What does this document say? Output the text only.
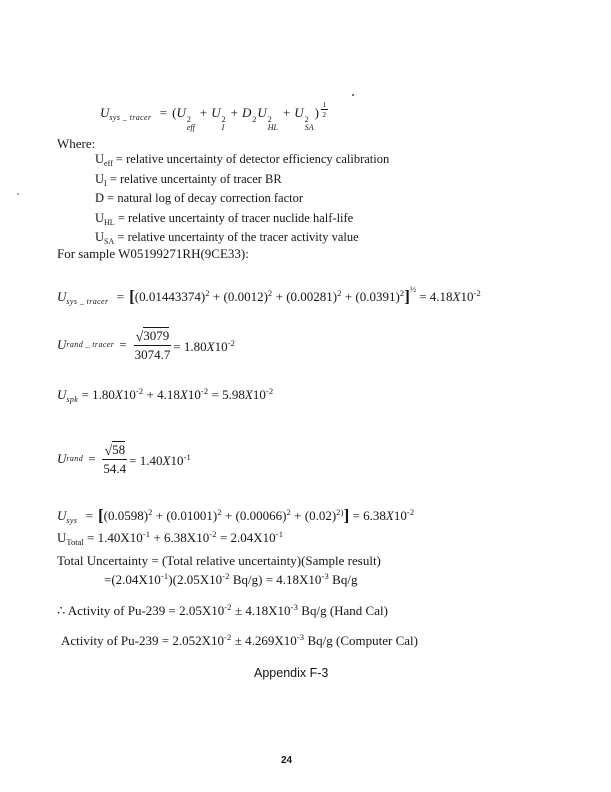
$U_{sys \_ tracer} = (U$ 2
eff
+ U 2
I
+ D 2 U 2
HL
+ U 2
SA
) $\frac{1}{2}$
Where:
$U_{eff}$ = relative uncertainty of detector efficiency calibration
$U_I$ = relative uncertainty of tracer BR
D = natural log of decay correction factor
$U_{HL}$ = relative uncertainty of tracer nuclide half-life
$U_{SA}$ = relative uncertainty of the tracer activity value
For sample W05199271RH(9CE33):
$U_{sys \_ tracer} = [(0.01443374)^2 + (0.0012)^2 + (0.00281)^2 + (0.0391)^2]^{\frac{1}{2}} = 4.18X10^{-2}$
U rand _ tracer = $\frac{√ 3079}{3074.7} = 1.80X10^{-2}$
$U_{spk} = 1.80X10^{-2} + 4.18X10^{-2} = 5.98X10^{-2}$
U rand = $\frac{√ 58}{54.4} = 1.40X10^{-1}$
$U_{sys} = [(0.0598)^2 + (0.01001)^2 + (0.00066)^2 + (0.02)^{2)}] = 6.38X10^{-2}$
$U_{Total} = 1.40X10^{-1} + 6.38X10^{-2} = 2.04X10^{-1}$
Total Uncertainty = (Total relative uncertainty)(Sample result)
$=(2.04X10^{-1})(2.05X10^{-2}$ $Bq/g) = 4.18X10^{-3}$ Bq/g
∴ Activity of $Pu-239 = 2.05X10^{-2} \pm 4.18X10^{-3}$ Bq/g (Hand Cal)
Activity of $Pu-239 = 2.052X10^{-2} \pm 4.269X10^{-3}$ Bq/g (Computer Cal)
Appendix F-3
24
